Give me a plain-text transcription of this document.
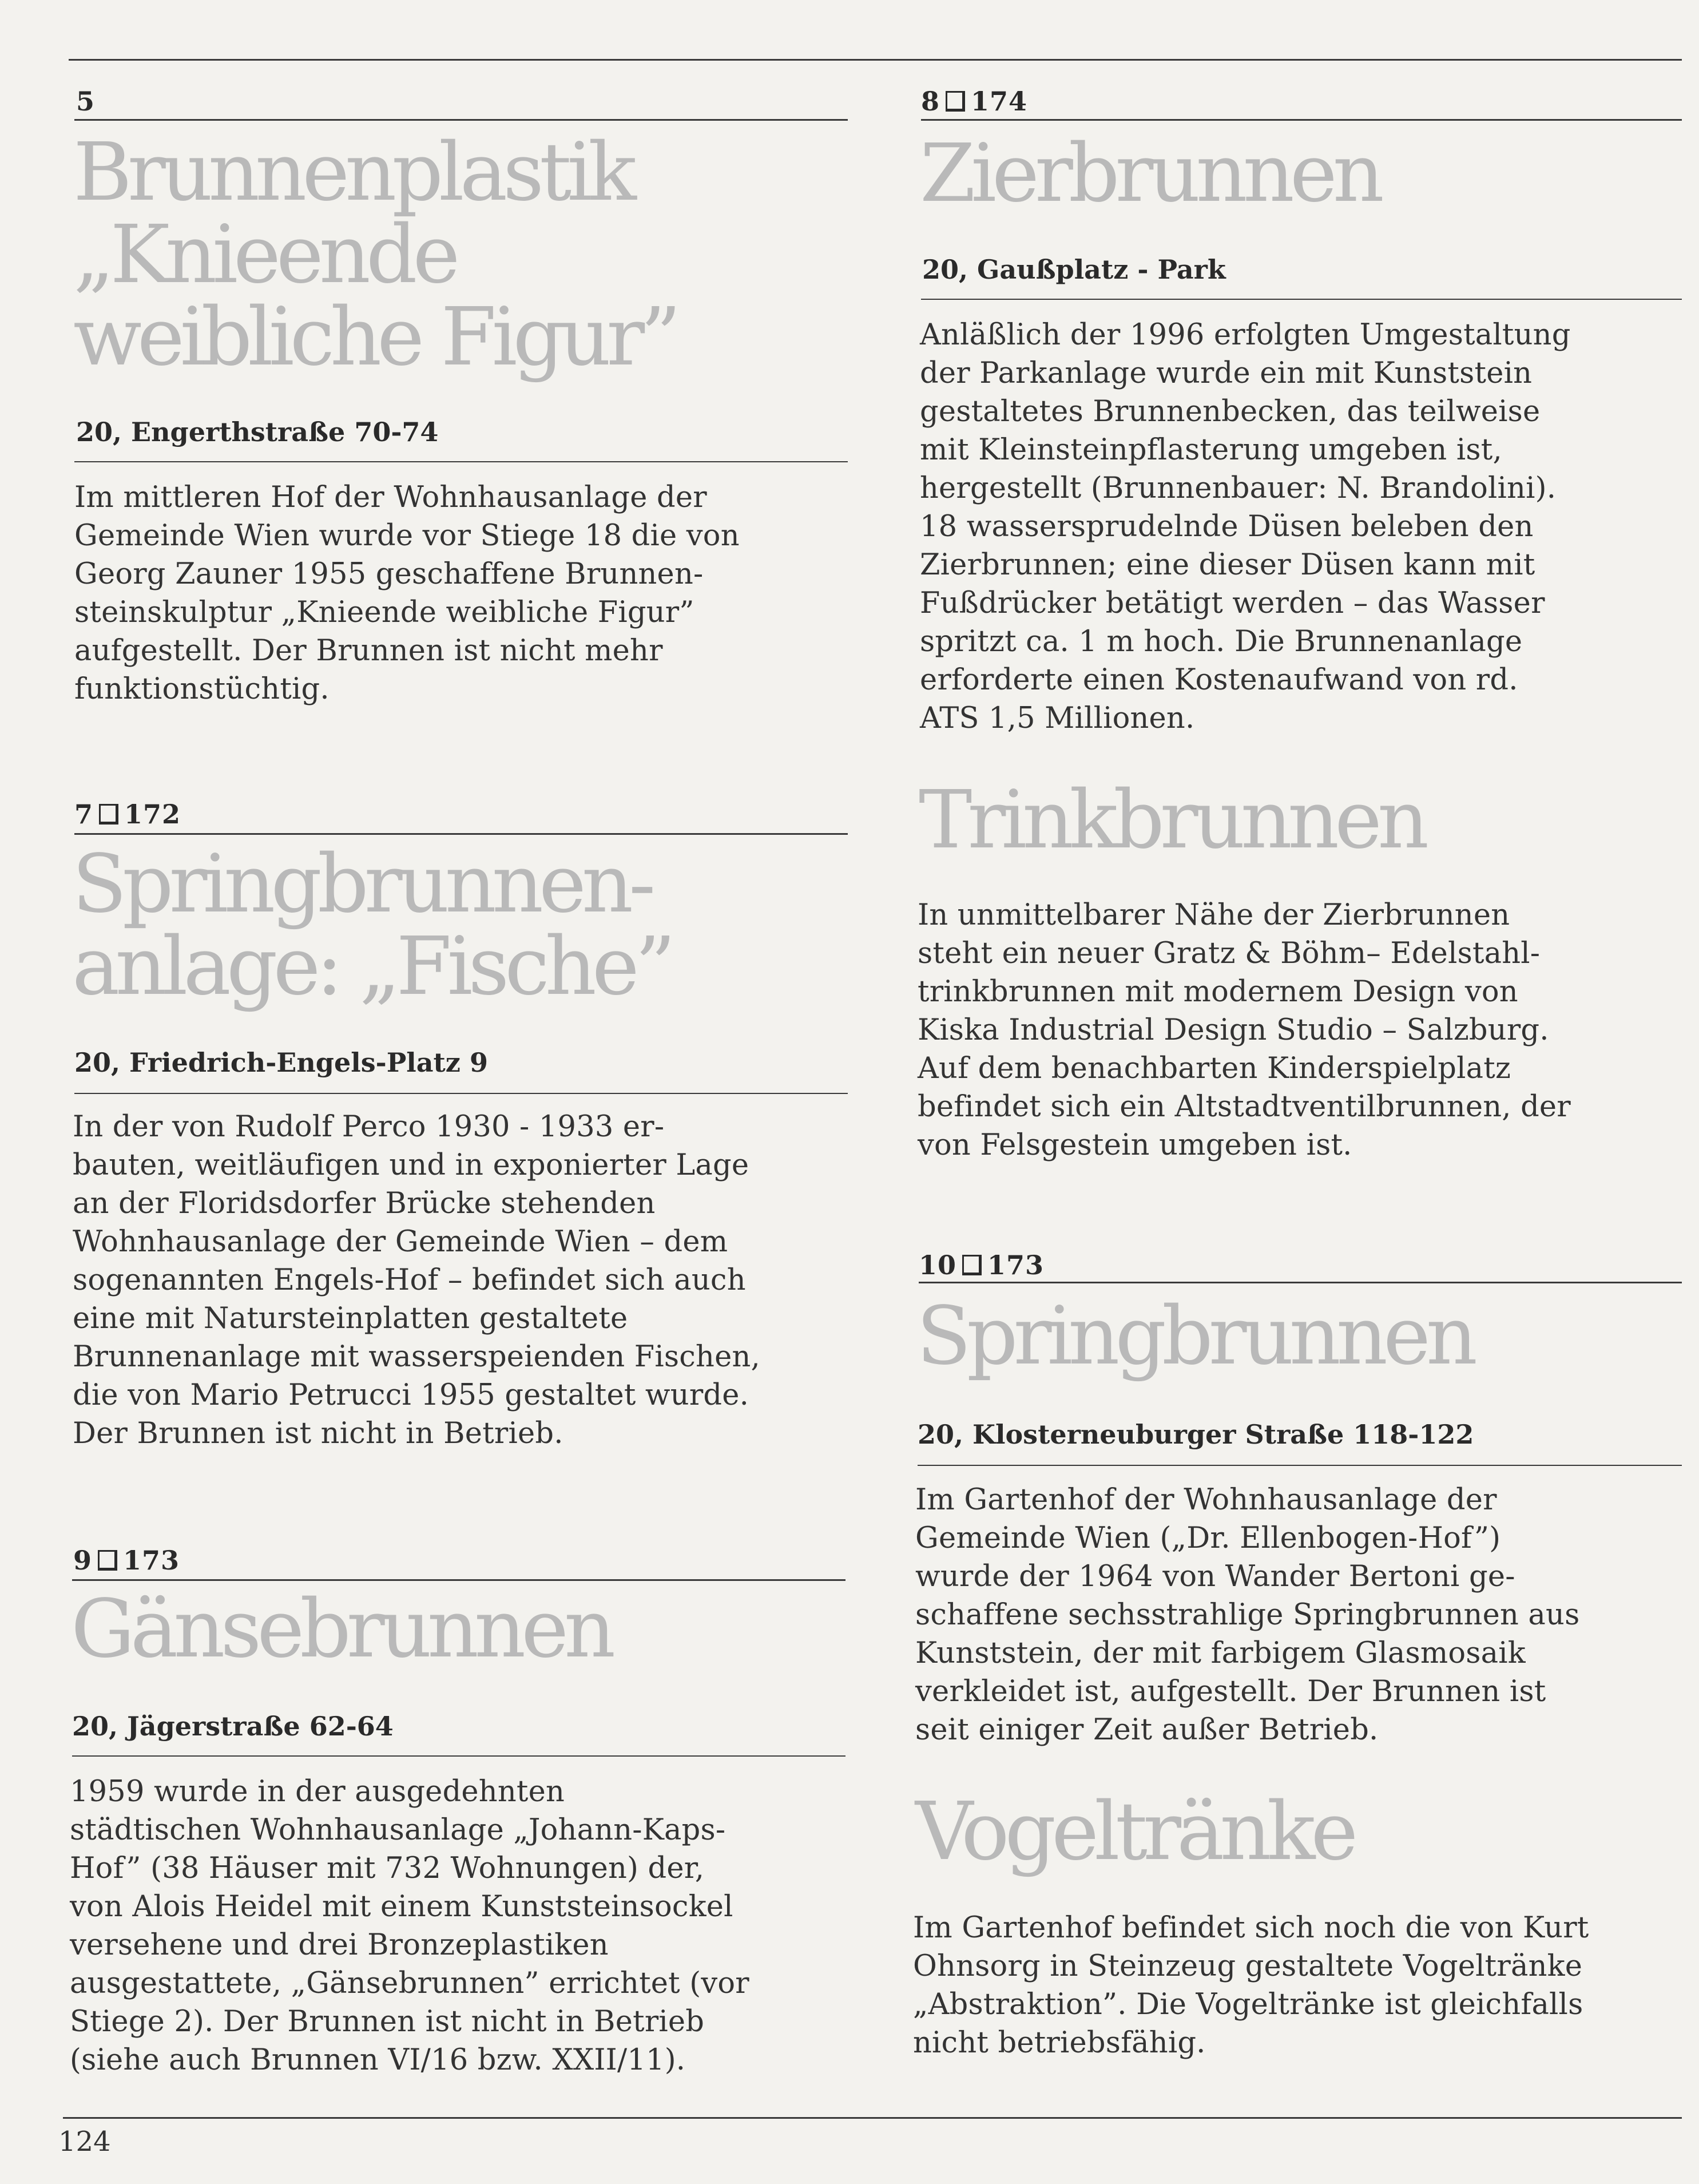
5
Brunnenplastik
„Knieende
weibliche Figur”
20, Engerthstraße 70-74

Im mittleren Hof der Wohnhausanlage der
Gemeinde Wien wurde vor Stiege 18 die von
Georg Zauner 1955 geschaffene Brunnen-
steinskulptur „Knieende weibliche Figur”
aufgestellt. Der Brunnen ist nicht mehr
funktionstüchtig.

7 172
Springbrunnen-
anlage: „Fische”
20, Friedrich-Engels-Platz 9

In der von Rudolf Perco 1930 - 1933 er-
bauten, weitläufigen und in exponierter Lage
an der Floridsdorfer Brücke stehenden
Wohnhausanlage der Gemeinde Wien – dem
sogenannten Engels-Hof – befindet sich auch
eine mit Natursteinplatten gestaltete
Brunnenanlage mit wasserspeienden Fischen,
die von Mario Petrucci 1955 gestaltet wurde.
Der Brunnen ist nicht in Betrieb.

9 173
Gänsebrunnen
20, Jägerstraße 62-64

1959 wurde in der ausgedehnten
städtischen Wohnhausanlage „Johann-Kaps-
Hof” (38 Häuser mit 732 Wohnungen) der,
von Alois Heidel mit einem Kunststeinsockel
versehene und drei Bronzeplastiken
ausgestattete, „Gänsebrunnen” errichtet (vor
Stiege 2). Der Brunnen ist nicht in Betrieb
(siehe auch Brunnen VI/16 bzw. XXII/11).

8 174
Zierbrunnen
20, Gaußplatz - Park

Anläßlich der 1996 erfolgten Umgestaltung
der Parkanlage wurde ein mit Kunststein
gestaltetes Brunnenbecken, das teilweise
mit Kleinsteinpflasterung umgeben ist,
hergestellt (Brunnenbauer: N. Brandolini).
18 wassersprudelnde Düsen beleben den
Zierbrunnen; eine dieser Düsen kann mit
Fußdrücker betätigt werden – das Wasser
spritzt ca. 1 m hoch. Die Brunnenanlage
erforderte einen Kostenaufwand von rd.
ATS 1,5 Millionen.

Trinkbrunnen

In unmittelbarer Nähe der Zierbrunnen
steht ein neuer Gratz & Böhm– Edelstahl-
trinkbrunnen mit modernem Design von
Kiska Industrial Design Studio – Salzburg.
Auf dem benachbarten Kinderspielplatz
befindet sich ein Altstadtventilbrunnen, der
von Felsgestein umgeben ist.

10 173
Springbrunnen
20, Klosterneuburger Straße 118-122

Im Gartenhof der Wohnhausanlage der
Gemeinde Wien („Dr. Ellenbogen-Hof”)
wurde der 1964 von Wander Bertoni ge-
schaffene sechsstrahlige Springbrunnen aus
Kunststein, der mit farbigem Glasmosaik
verkleidet ist, aufgestellt. Der Brunnen ist
seit einiger Zeit außer Betrieb.

Vogeltränke

Im Gartenhof befindet sich noch die von Kurt
Ohnsorg in Steinzeug gestaltete Vogeltränke
„Abstraktion”. Die Vogeltränke ist gleichfalls
nicht betriebsfähig.

124
